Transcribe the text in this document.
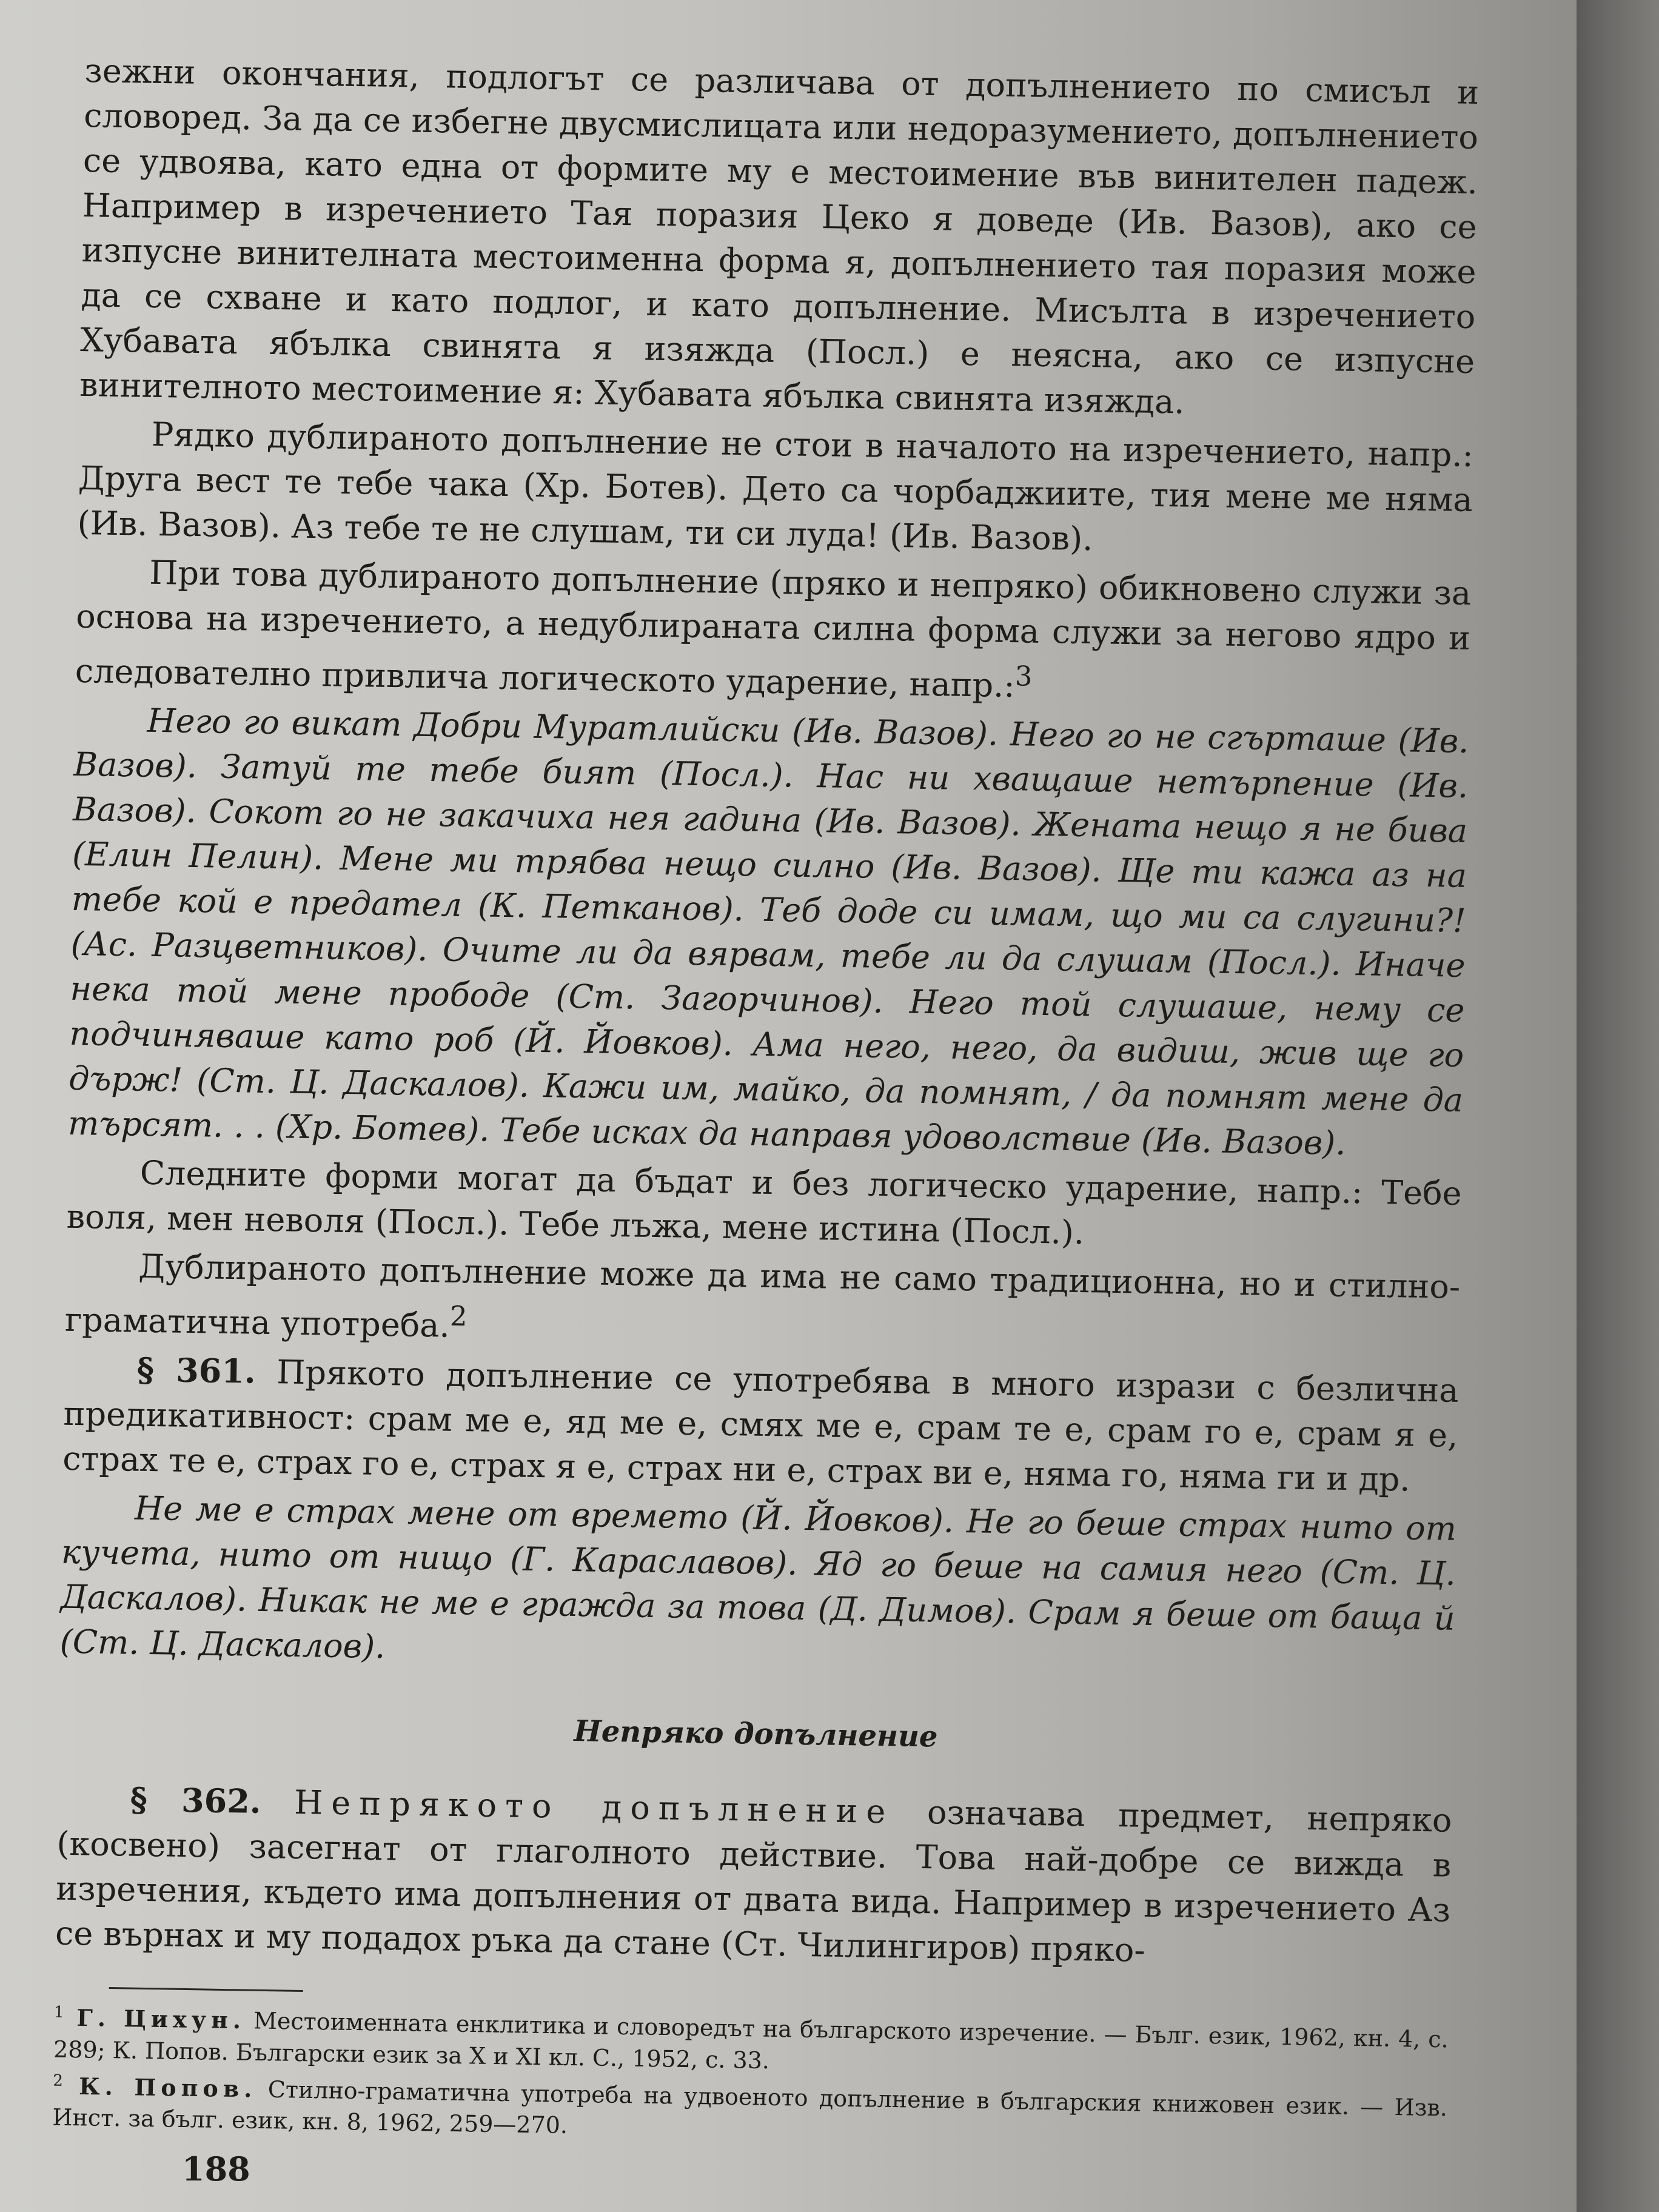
зежни окончания, подлогът се различава от допълнението по смисъл и словоред. За да се избегне двусмислицата или недоразумението, допълнението се удвоява, като една от формите му е местоимение във винителен падеж. Например в изречението Тая поразия Цеко я доведе (Ив. Вазов), ако се изпусне винителната местоименна форма я, допълнението тая поразия може да се схване и като подлог, и като допълнение. Мисълта в изречението Хубавата ябълка свинята я изяжда (Посл.) е неясна, ако се изпусне винителното местоимение я: Хубавата ябълка свинята изяжда.

Рядко дублираното допълнение не стои в началото на изречението, напр.: Друга вест те тебе чака (Хр. Ботев). Дето са чорбаджиите, тия мене ме няма (Ив. Вазов). Аз тебе те не слушам, ти си луда! (Ив. Вазов).

При това дублираното допълнение (пряко и непряко) обикновено служи за основа на изречението, а недублираната силна форма служи за негово ядро и следователно привлича логическото ударение, напр.:$^3$

Него го викат Добри Муратлийски (Ив. Вазов). Него го не сгърташе (Ив. Вазов). Затуй те тебе бият (Посл.). Нас ни хващаше нетърпение (Ив. Вазов). Сокот го не закачиха нея гадина (Ив. Вазов). Жената нещо я не бива (Елин Пелин). Мене ми трябва нещо силно (Ив. Вазов). Ще ти кажа аз на тебе кой е предател (К. Петканов). Теб доде си имам, що ми са слугини?! (Ас. Разцветников). Очите ли да вярвам, тебе ли да слушам (Посл.). Иначе нека той мене прободе (Ст. Загорчинов). Него той слушаше, нему се подчиняваше като роб (Й. Йовков). Ама него, него, да видиш, жив ще го държ! (Ст. Ц. Даскалов). Кажи им, майко, да помнят, / да помнят мене да търсят. . . (Хр. Ботев). Тебе исках да направя удоволствие (Ив. Вазов).

Следните форми могат да бъдат и без логическо ударение, напр.: Тебе воля, мен неволя (Посл.). Тебе лъжа, мене истина (Посл.).

Дублираното допълнение може да има не само традиционна, но и стилно-граматична употреба.$^2$

§ 361. Прякото допълнение се употребява в много изрази с безлична предикативност: срам ме е, яд ме е, смях ме е, срам те е, срам го е, срам я е, страх те е, страх го е, страх я е, страх ни е, страх ви е, няма го, няма ги и др.

Не ме е страх мене от времето (Й. Йовков). Не го беше страх нито от кучета, нито от нищо (Г. Караславов). Яд го беше на самия него (Ст. Ц. Даскалов). Никак не ме е гражда за това (Д. Димов). Срам я беше от баща й (Ст. Ц. Даскалов).

Непряко допълнение

§ 362. Непрякото допълнение означава предмет, непряко (косвено) засегнат от глаголното действие. Това най-добре се вижда в изречения, където има допълнения от двата вида. Например в изречението Аз се върнах и му подадох ръка да стане (Ст. Чилингиров) пряко-

$^1$ Г. Цихун. Местоименната енклитика и словоредът на българското изречение. — Бълг. език, 1962, кн. 4, с. 289; К. Попов. Български език за X и XI кл. С., 1952, с. 33.

$^2$ К. Попов. Стилно-граматична употреба на удвоеното допълнение в българския книжовен език. — Изв. Инст. за бълг. език, кн. 8, 1962, 259—270.

188
